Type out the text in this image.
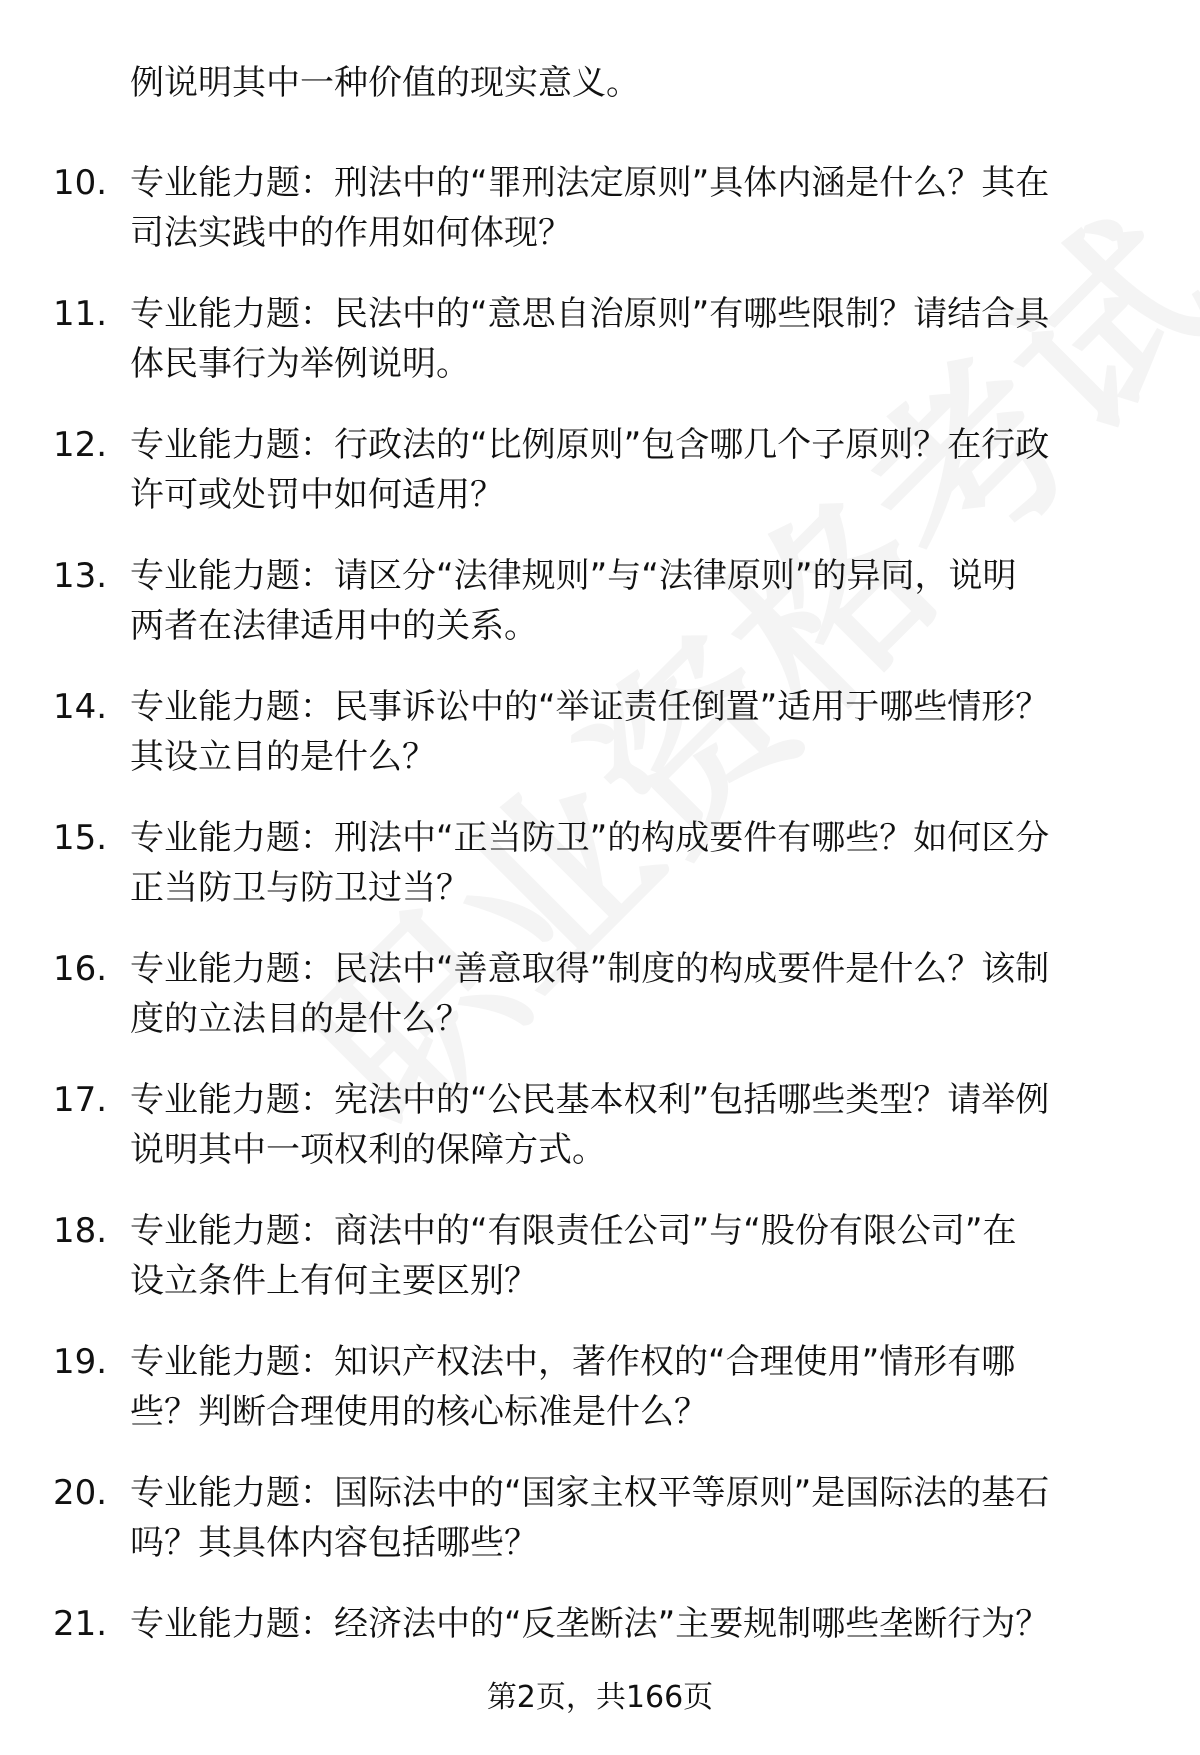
例说明其中一种价值的现实意义。
10. 专业能力题：刑法中的“罪刑法定原则”具体内涵是什么？其在
司法实践中的作用如何体现？
11. 专业能力题：民法中的“意思自治原则”有哪些限制？请结合具
体民事行为举例说明。
12. 专业能力题：行政法的“比例原则”包含哪几个子原则？在行政
许可或处罚中如何适用？
13. 专业能力题：请区分“法律规则”与“法律原则”的异同，说明
两者在法律适用中的关系。
14. 专业能力题：民事诉讼中的“举证责任倒置”适用于哪些情形？
其设立目的是什么？
15. 专业能力题：刑法中“正当防卫”的构成要件有哪些？如何区分
正当防卫与防卫过当？
16. 专业能力题：民法中“善意取得”制度的构成要件是什么？该制
度的立法目的是什么？
17. 专业能力题：宪法中的“公民基本权利”包括哪些类型？请举例
说明其中一项权利的保障方式。
18. 专业能力题：商法中的“有限责任公司”与“股份有限公司”在
设立条件上有何主要区别？
19. 专业能力题：知识产权法中，著作权的“合理使用”情形有哪
些？判断合理使用的核心标准是什么？
20. 专业能力题：国际法中的“国家主权平等原则”是国际法的基石
吗？其具体内容包括哪些？
21. 专业能力题：经济法中的“反垄断法”主要规制哪些垄断行为？
第2页，共166页
